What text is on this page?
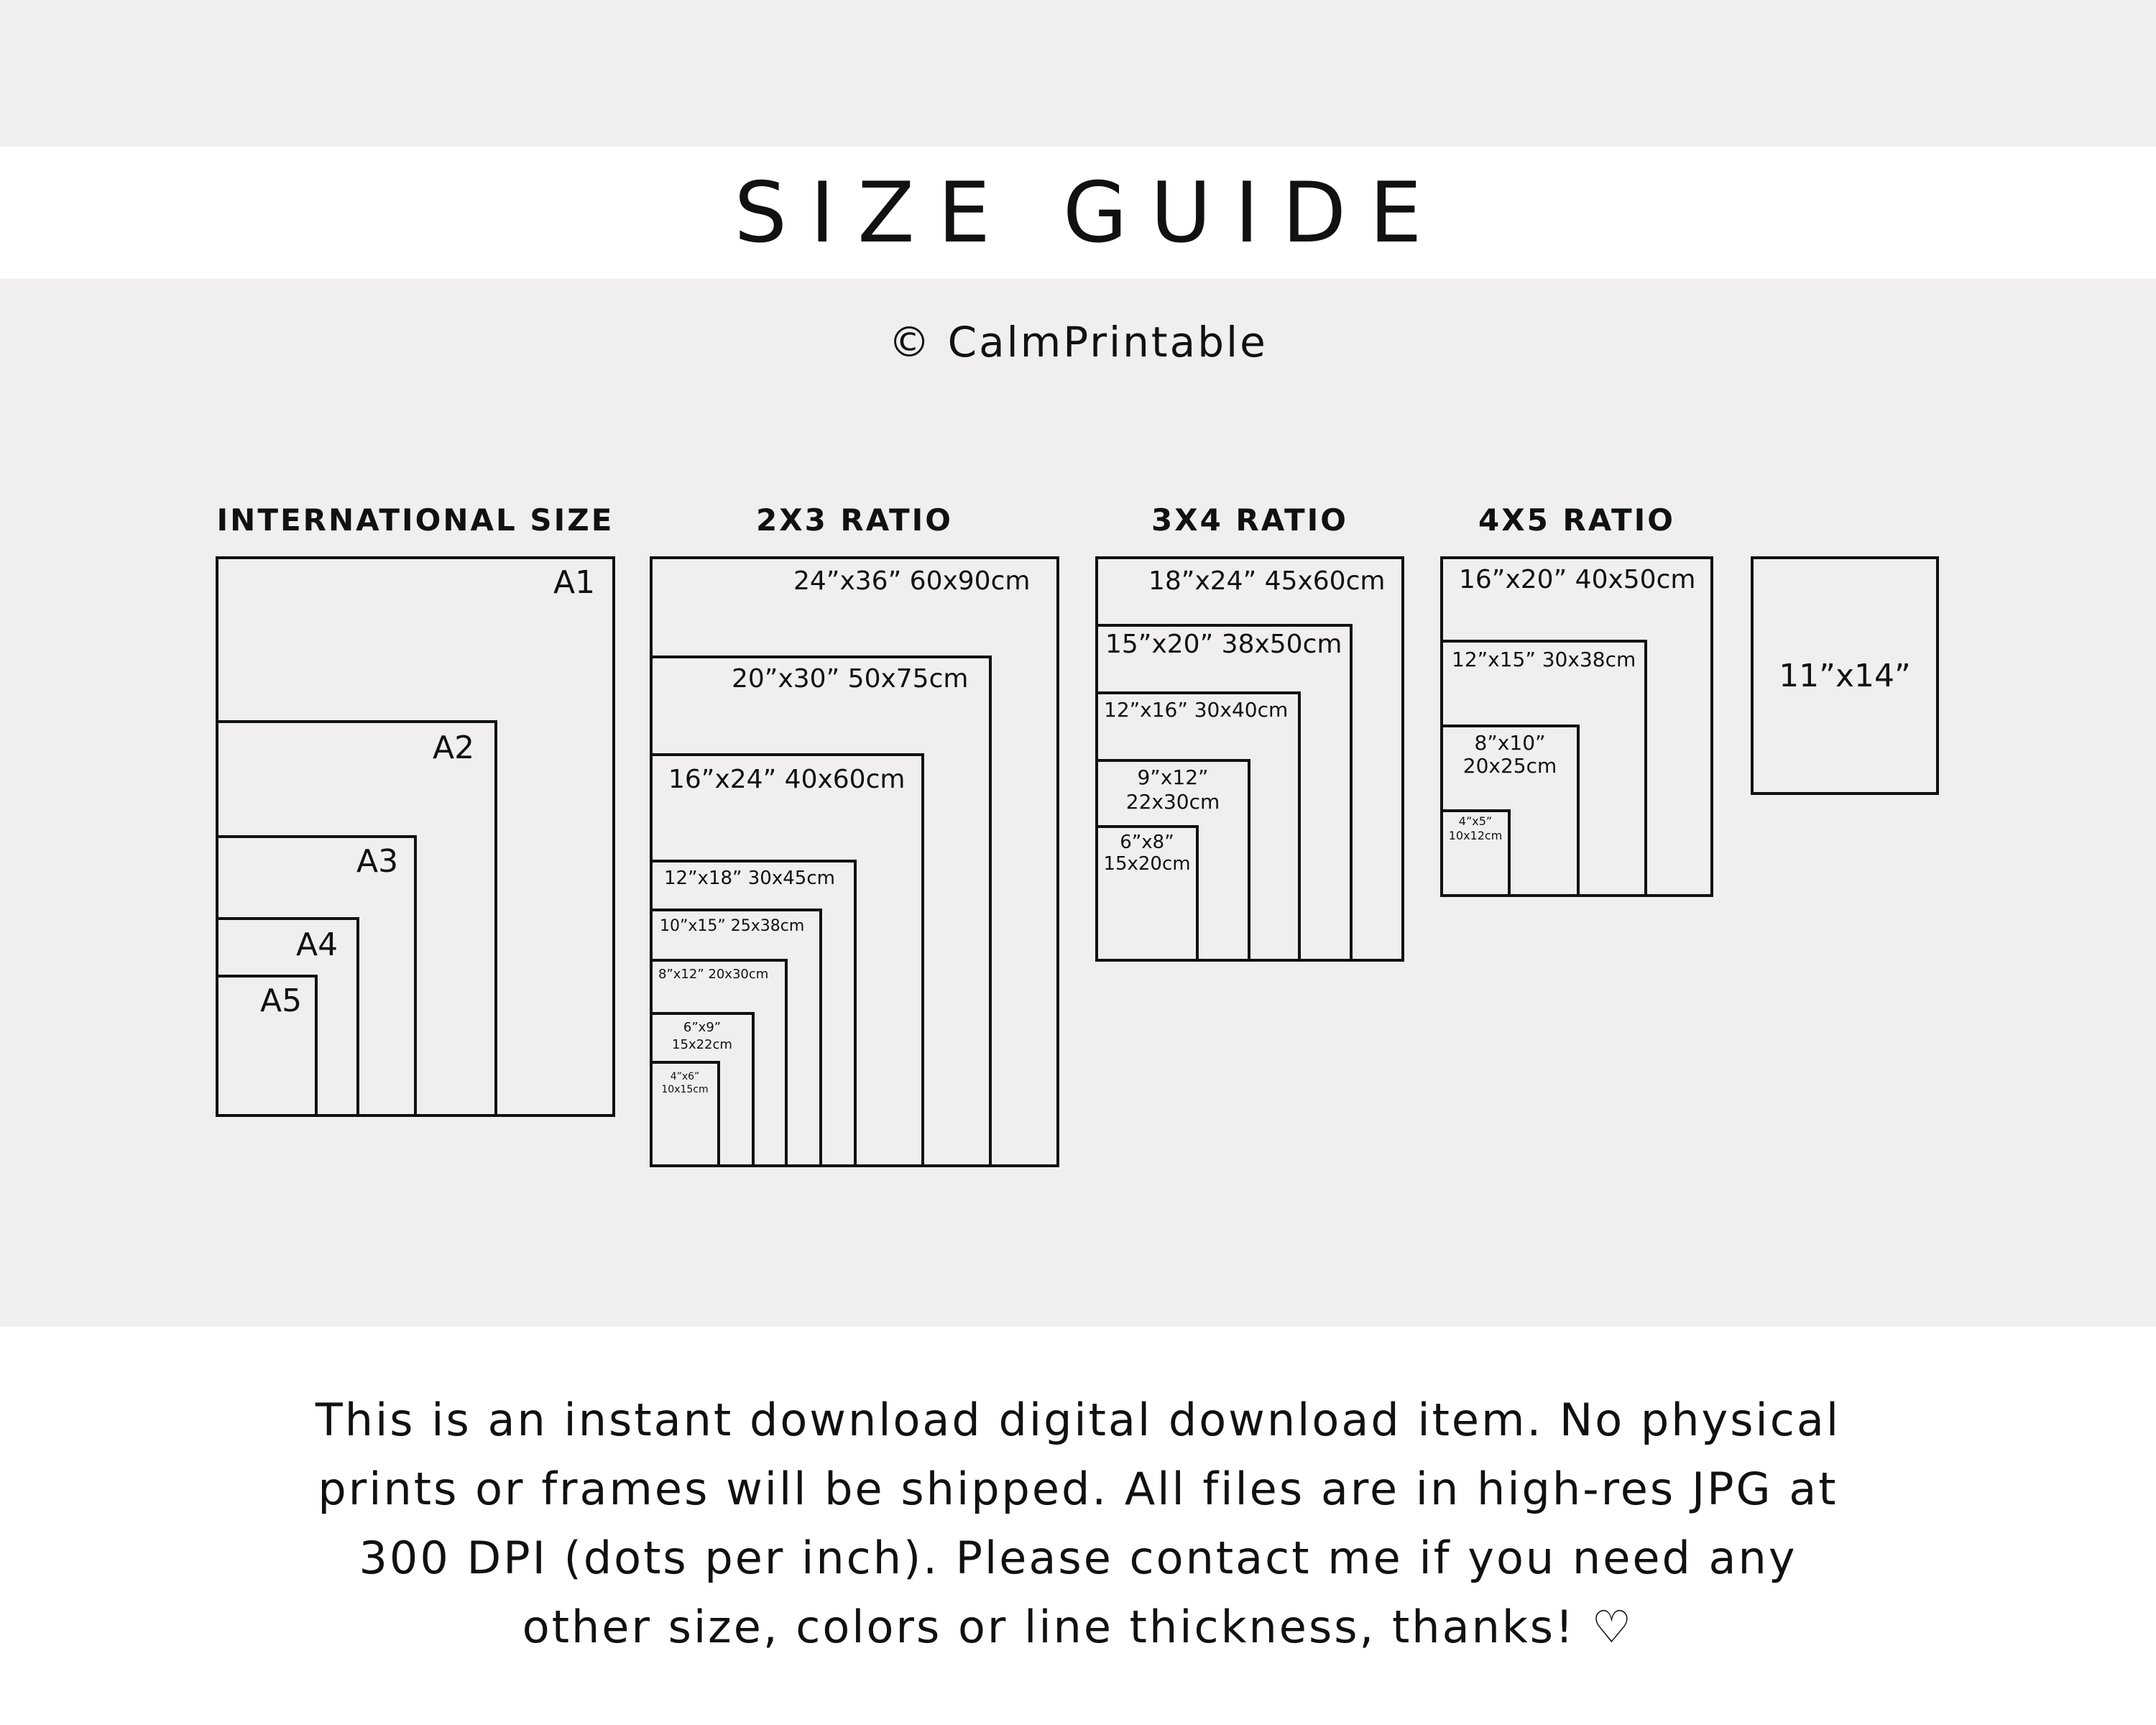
SIZE GUIDE
© CalmPrintable
INTERNATIONAL SIZE
A1
A2
A3
A4
A5
2X3 RATIO
24”x36” 60x90cm
20”x30” 50x75cm
16”x24” 40x60cm
12”x18” 30x45cm
10”x15” 25x38cm
8”x12” 20x30cm
6”x9”
15x22cm
4”x6”
10x15cm
3X4 RATIO
18”x24” 45x60cm
15”x20” 38x50cm
12”x16” 30x40cm
9”x12”
22x30cm
6”x8”
15x20cm
4X5 RATIO
16”x20” 40x50cm
12”x15” 30x38cm
8”x10”
20x25cm
4”x5”
10x12cm
11”x14”
This is an instant download digital download item. No physical
prints or frames will be shipped. All files are in high-res JPG at
300 DPI (dots per inch). Please contact me if you need any
other size, colors or line thickness, thanks! ♡
